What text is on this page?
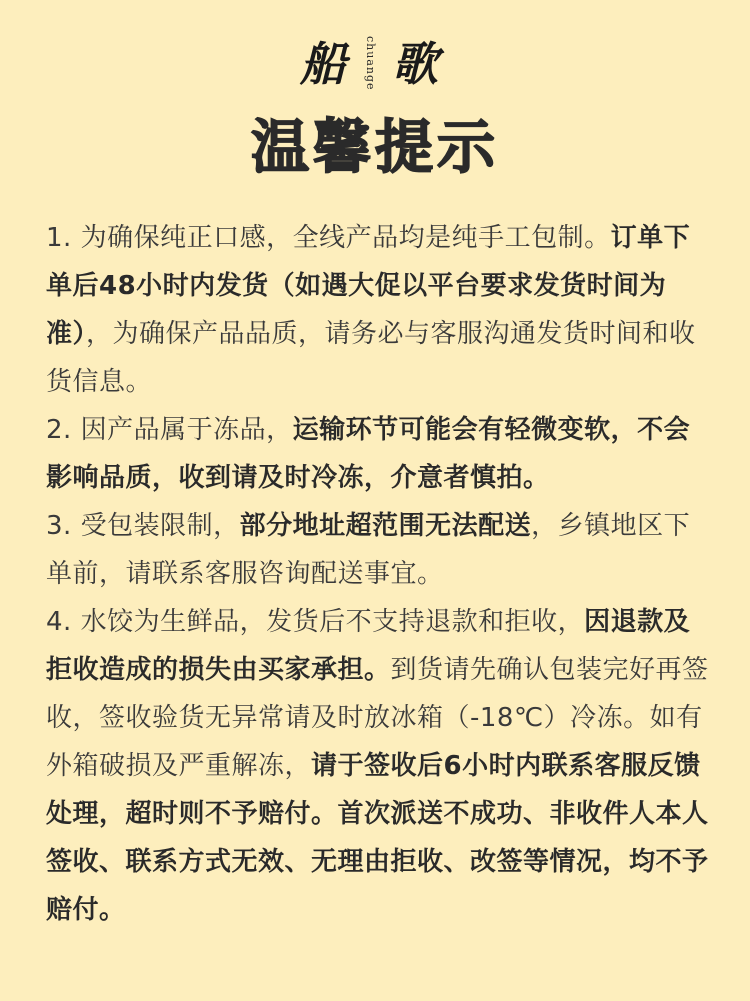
船 chuange 歌
温馨提示

1. 为确保纯正口感，全线产品均是纯手工包制。订单下单后48小时内发货（如遇大促以平台要求发货时间为准），为确保产品品质，请务必与客服沟通发货时间和收货信息。

2. 因产品属于冻品，运输环节可能会有轻微变软，不会影响品质，收到请及时冷冻，介意者慎拍。

3. 受包装限制，部分地址超范围无法配送，乡镇地区下单前，请联系客服咨询配送事宜。

4. 水饺为生鲜品，发货后不支持退款和拒收，因退款及拒收造成的损失由买家承担。到货请先确认包装完好再签收，签收验货无异常请及时放冰箱（-18℃）冷冻。如有外箱破损及严重解冻，请于签收后6小时内联系客服反馈处理，超时则不予赔付。首次派送不成功、非收件人本人签收、联系方式无效、无理由拒收、改签等情况，均不予赔付。
